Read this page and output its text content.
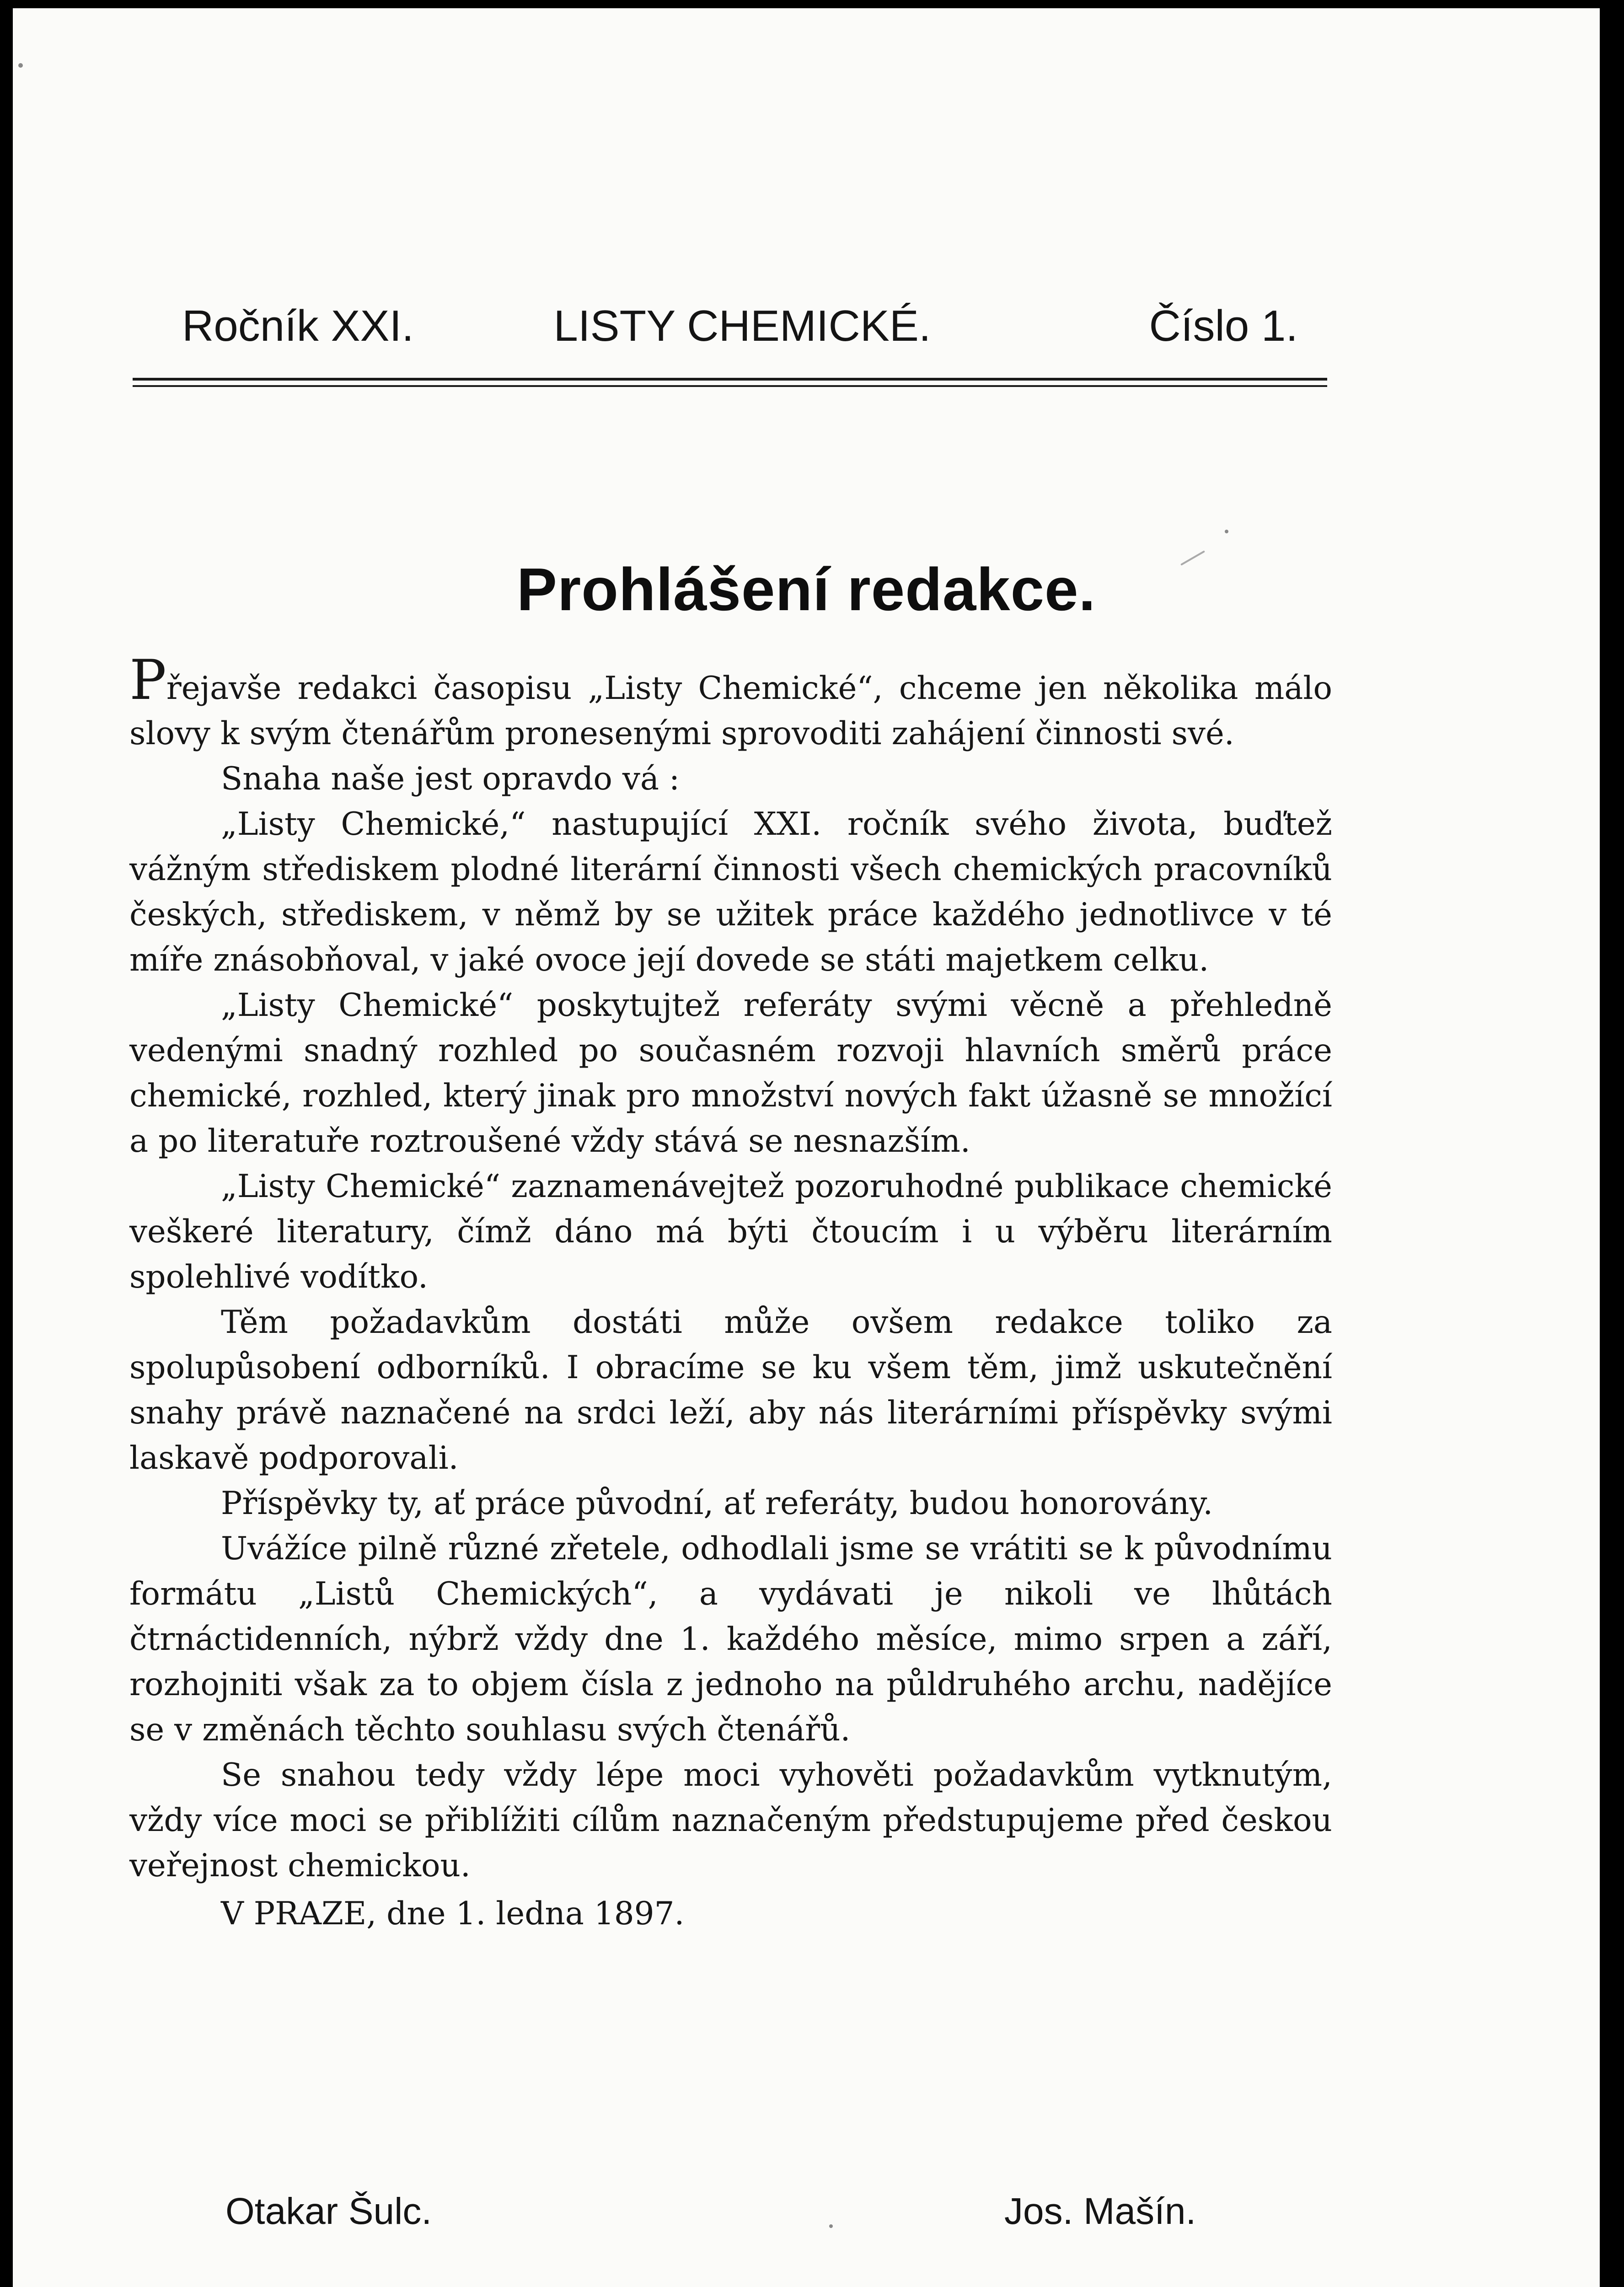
Ročník XXI.	LISTY CHEMICKÉ.	Číslo 1.
Prohlášení redakce.

Přejavše redakci časopisu „Listy Chemické“, chceme jen několika málo slovy k svým čtenářům pronesenými sprovoditi zahájení činnosti své.

Snaha naše jest opravdo vá :

„Listy Chemické,“ nastupující XXI. ročník svého života, buďtež vážným střediskem plodné literární činnosti všech chemických pracovníků českých, střediskem, v němž by se užitek práce každého jednotlivce v té míře znásobňoval, v jaké ovoce její dovede se státi majetkem celku.

„Listy Chemické“ poskytujtež referáty svými věcně a přehledně vedenými snadný rozhled po současném rozvoji hlavních směrů práce chemické, rozhled, který jinak pro množství nových fakt úžasně se množící a po literatuře roztroušené vždy stává se nesnazším.

„Listy Chemické“ zaznamenávejtež pozoruhodné publikace chemické veškeré literatury, čímž dáno má býti čtoucím i u výběru literárním spolehlivé vodítko.

Těm požadavkům dostáti může ovšem redakce toliko za spolupůsobení odborníků. I obracíme se ku všem těm, jimž uskutečnění snahy právě naznačené na srdci leží, aby nás literárními příspěvky svými laskavě podporovali.

Příspěvky ty, ať práce původní, ať referáty, budou honorovány.

Uvážíce pilně různé zřetele, odhodlali jsme se vrátiti se k původnímu formátu „Listů Chemických“, a vydávati je nikoli ve lhůtách čtrnáctidenních, nýbrž vždy dne 1. každého měsíce, mimo srpen a září, rozhojniti však za to objem čísla z jednoho na půldruhého archu, nadějíce se v změnách těchto souhlasu svých čtenářů.

Se snahou tedy vždy lépe moci vyhověti požadavkům vytknutým, vždy více moci se přiblížiti cílům naznačeným předstupujeme před českou veřejnost chemickou.

V PRAZE, dne 1. ledna 1897.

Otakar Šulc.	Jos. Mašín.
